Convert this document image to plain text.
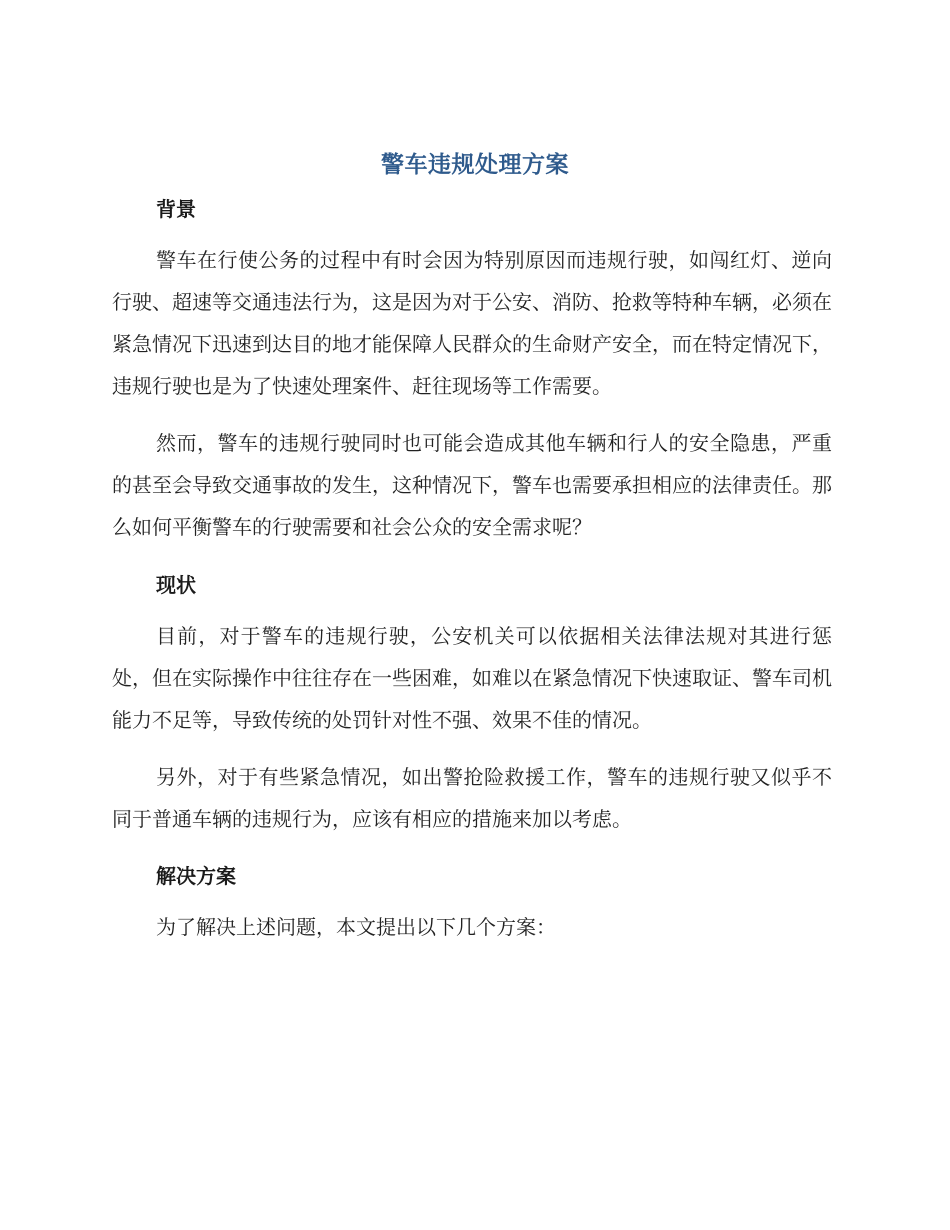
警车违规处理方案
背景
警车在行使公务的过程中有时会因为特别原因而违规行驶，如闯红灯、逆向行驶、超速等交通违法行为，这是因为对于公安、消防、抢救等特种车辆，必须在紧急情况下迅速到达目的地才能保障人民群众的生命财产安全，而在特定情况下，违规行驶也是为了快速处理案件、赶往现场等工作需要。
然而，警车的违规行驶同时也可能会造成其他车辆和行人的安全隐患，严重的甚至会导致交通事故的发生，这种情况下，警车也需要承担相应的法律责任。那么如何平衡警车的行驶需要和社会公众的安全需求呢？
现状
目前，对于警车的违规行驶，公安机关可以依据相关法律法规对其进行惩处，但在实际操作中往往存在一些困难，如难以在紧急情况下快速取证、警车司机能力不足等，导致传统的处罚针对性不强、效果不佳的情况。
另外，对于有些紧急情况，如出警抢险救援工作，警车的违规行驶又似乎不同于普通车辆的违规行为，应该有相应的措施来加以考虑。
解决方案
为了解决上述问题，本文提出以下几个方案：
